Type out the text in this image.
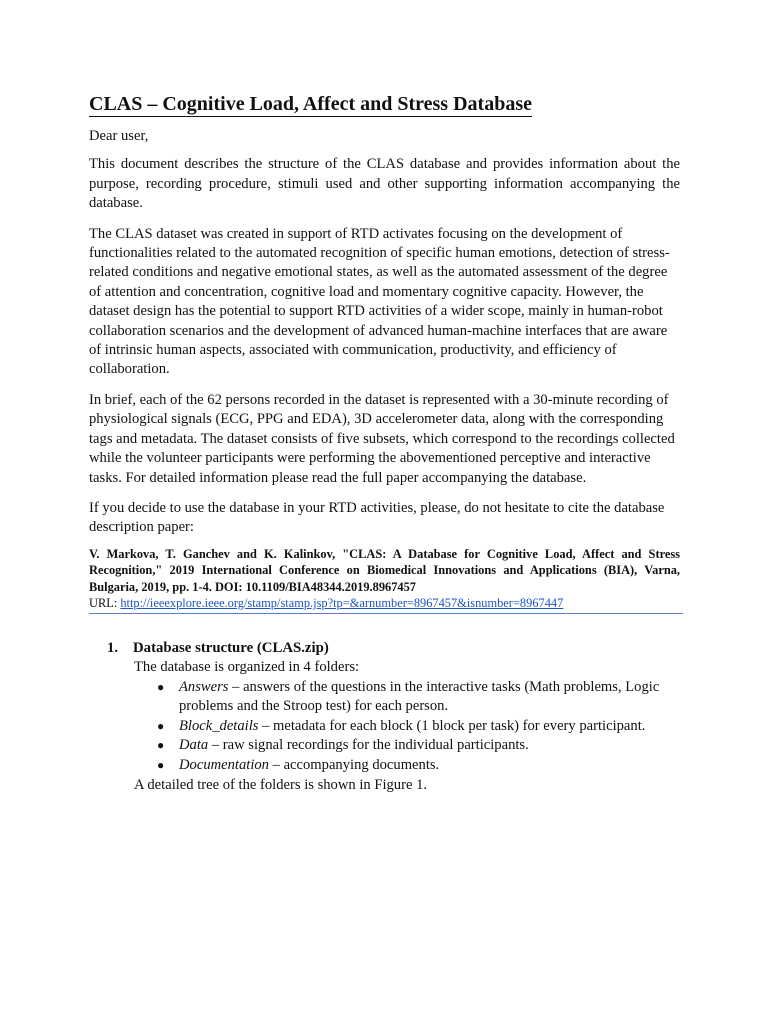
CLAS – Cognitive Load, Affect and Stress Database

Dear user,

This document describes the structure of the CLAS database and provides information about the purpose, recording procedure, stimuli used and other supporting information accompanying the database.

The CLAS dataset was created in support of RTD activates focusing on the development of functionalities related to the automated recognition of specific human emotions, detection of stress-related conditions and negative emotional states, as well as the automated assessment of the degree of attention and concentration, cognitive load and momentary cognitive capacity. However, the dataset design has the potential to support RTD activities of a wider scope, mainly in human-robot collaboration scenarios and the development of advanced human-machine interfaces that are aware of intrinsic human aspects, associated with communication, productivity, and efficiency of collaboration.

In brief, each of the 62 persons recorded in the dataset is represented with a 30-minute recording of physiological signals (ECG, PPG and EDA), 3D accelerometer data, along with the corresponding tags and metadata. The dataset consists of five subsets, which correspond to the recordings collected while the volunteer participants were performing the abovementioned perceptive and interactive tasks. For detailed information please read the full paper accompanying the database.

If you decide to use the database in your RTD activities, please, do not hesitate to cite the database description paper:

V. Markova, T. Ganchev and K. Kalinkov, "CLAS: A Database for Cognitive Load, Affect and Stress Recognition," 2019 International Conference on Biomedical Innovations and Applications (BIA), Varna, Bulgaria, 2019, pp. 1-4. DOI: 10.1109/BIA48344.2019.8967457
URL: http://ieeexplore.ieee.org/stamp/stamp.jsp?tp=&arnumber=8967457&isnumber=8967447
1. Database structure (CLAS.zip)
The database is organized in 4 folders:
● Answers – answers of the questions in the interactive tasks (Math problems, Logic problems and the Stroop test) for each person.
● Block_details – metadata for each block (1 block per task) for every participant.
● Data – raw signal recordings for the individual participants.
● Documentation – accompanying documents.
A detailed tree of the folders is shown in Figure 1.
